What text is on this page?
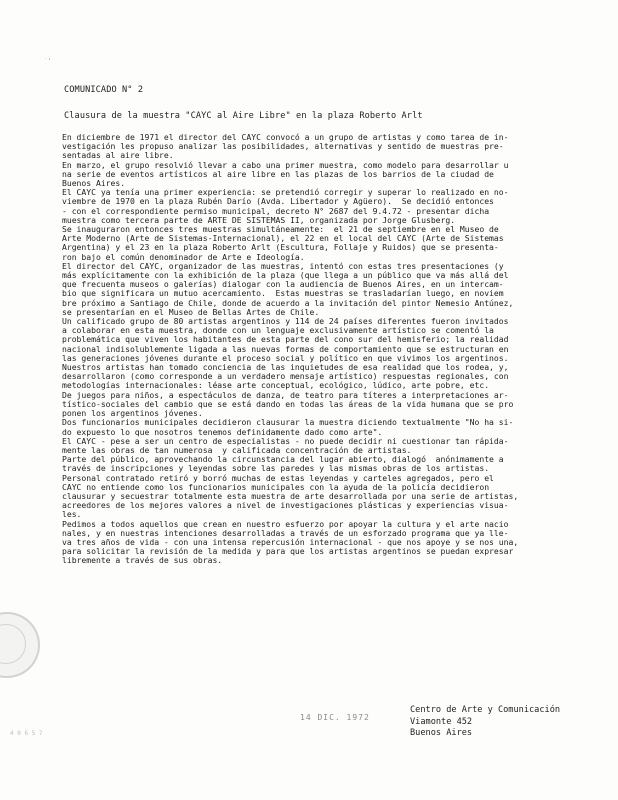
˙‘
COMUNICADO N° 2
Clausura de la muestra "CAYC al Aire Libre" en la plaza Roberto Arlt
En diciembre de 1971 el director del CAYC convocó a un grupo de artistas y como tarea de in-
vestigación les propuso analizar las posibilidades, alternativas y sentido de muestras pre-
sentadas al aire libre.
En marzo, el grupo resolvió llevar a cabo una primer muestra, como modelo para desarrollar u
na serie de eventos artísticos al aire libre en las plazas de los barrios de la ciudad de
Buenos Aires.
El CAYC ya tenía una primer experiencia: se pretendió corregir y superar lo realizado en no-
viembre de 1970 en la plaza Rubén Darío (Avda. Libertador y Agüero).  Se decidió entonces
- con el correspondiente permiso municipal, decreto N° 2687 del 9.4.72 - presentar dicha
muestra como tercera parte de ARTE DE SISTEMAS II, organizada por Jorge Glusberg.
Se inauguraron entonces tres muestras simultáneamente:  el 21 de septiembre en el Museo de
Arte Moderno (Arte de Sistemas-Internacional), el 22 en el local del CAYC (Arte de Sistemas
Argentina) y el 23 en la plaza Roberto Arlt (Escultura, Follaje y Ruidos) que se presenta-
ron bajo el común denominador de Arte e Ideología.
El director del CAYC, organizador de las muestras, intentó con estas tres presentaciones (y
más explícitamente con la exhibición de la plaza (que llega a un público que va más allá del
que frecuenta museos o galerías) dialogar con la audiencia de Buenos Aires, en un intercam-
bio que significara un mutuo acercamiento.  Estas muestras se trasladarían luego, en noviem
bre próximo a Santiago de Chile, donde de acuerdo a la invitación del pintor Nemesio Antúnez,
se presentarían en el Museo de Bellas Artes de Chile.
Un calificado grupo de 80 artistas argentinos y 114 de 24 países diferentes fueron invitados
a colaborar en esta muestra, donde con un lenguaje exclusivamente artístico se comentó la
problemática que viven los habitantes de esta parte del cono sur del hemisferio; la realidad
nacional indisolublemente ligada a las nuevas formas de comportamiento que se estructuran en
las generaciones jóvenes durante el proceso social y político en que vivimos los argentinos.
Nuestros artistas han tomado conciencia de las inquietudes de esa realidad que los rodea, y,
desarrollaron (como corresponde a un verdadero mensaje artístico) respuestas regionales, con
metodologías internacionales: léase arte conceptual, ecológico, lúdico, arte pobre, etc.
De juegos para niños, a espectáculos de danza, de teatro para títeres a interpretaciones ar-
tístico-sociales del cambio que se está dando en todas las áreas de la vida humana que se pro
ponen los argentinos jóvenes.
Dos funcionarios municipales decidieron clausurar la muestra diciendo textualmente "No ha si-
do expuesto lo que nosotros tenemos definidamente dado como arte".
El CAYC - pese a ser un centro de especialistas - no puede decidir ni cuestionar tan rápida-
mente las obras de tan numerosa  y calificada concentración de artistas.
Parte del público, aprovechando la circunstancia del lugar abierto, dialogó  anónimamente a
través de inscripciones y leyendas sobre las paredes y las mismas obras de los artistas.
Personal contratado retiró y borró muchas de estas leyendas y carteles agregados, pero el
CAYC no entiende como los funcionarios municipales con la ayuda de la policía decidieron
clausurar y secuestrar totalmente esta muestra de arte desarrollada por una serie de artistas,
acreedores de los mejores valores a nivel de investigaciones plásticas y experiencias visua-
les.
Pedimos a todos aquellos que crean en nuestro esfuerzo por apoyar la cultura y el arte nacio
nales, y en nuestras intenciones desarrolladas a través de un esforzado programa que ya lle-
va tres años de vida - con una intensa repercusión internacional - que nos apoye y se nos una,
para solicitar la revisión de la medida y para que los artistas argentinos se puedan expresar
libremente a través de sus obras.
4 0 6 5 7
14 DIC. 1972
Centro de Arte y Comunicación
Viamonte 452
Buenos Aires
